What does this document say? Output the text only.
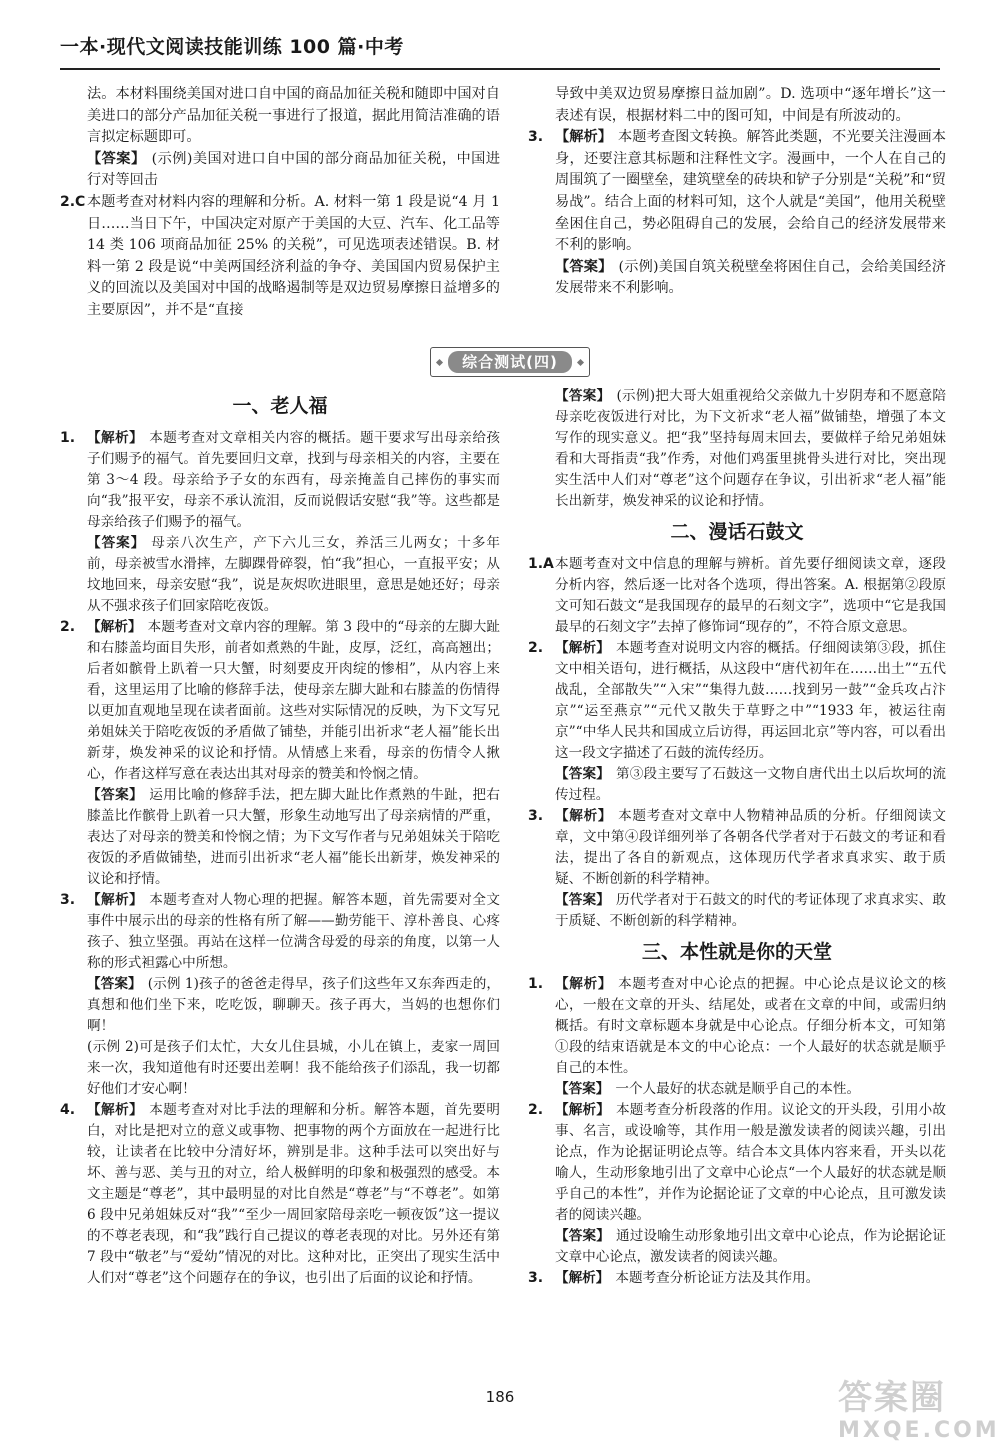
一本·现代文阅读技能训练 100 篇·中考

法。本材料围绕美国对进口自中国的商品加征关税和随即中国对自美进口的部分产品加征关税一事进行了报道，据此用简洁准确的语言拟定标题即可。

【答案】 (示例)美国对进口自中国的部分商品加征关税，中国进行对等回击

2.C 本题考查对材料内容的理解和分析。A. 材料一第 1 段是说“4 月 1 日……当日下午，中国决定对原产于美国的大豆、汽车、化工品等 14 类 106 项商品加征 25% 的关税”，可见选项表述错误。B. 材料一第 2 段是说“中美两国经济利益的争夺、美国国内贸易保护主义的回流以及美国对中国的战略遏制等是双边贸易摩擦日益增多的主要原因”，并不是“直接

导致中美双边贸易摩擦日益加剧”。D. 选项中“逐年增长”这一表述有误，根据材料二中的图可知，中间是有所波动的。

3. 【解析】 本题考查图文转换。解答此类题，不光要关注漫画本身，还要注意其标题和注释性文字。漫画中，一个人在自己的周围筑了一圈壁垒，建筑壁垒的砖块和铲子分别是“关税”和“贸易战”。结合上面的材料可知，这个人就是“美国”，他用关税壁垒困住自己，势必阻碍自己的发展，会给自己的经济发展带来不利的影响。

【答案】 (示例)美国自筑关税壁垒将困住自己，会给美国经济发展带来不利影响。

综合测试(四)
一、老人福

1. 【解析】 本题考查对文章相关内容的概括。题干要求写出母亲给孩子们赐予的福气。首先要回归文章，找到与母亲相关的内容，主要在第 3～4 段。母亲给予子女的东西有，母亲掩盖自己摔伤的事实而向“我”报平安，母亲不承认流泪，反而说假话安慰“我”等。这些都是母亲给孩子们赐予的福气。

【答案】 母亲八次生产，产下六儿三女，养活三儿两女；十多年前，母亲被雪水滑摔，左脚踝骨碎裂，怕“我”担心，一直报平安；从坟地回来，母亲安慰“我”，说是灰烬吹进眼里，意思是她还好；母亲从不强求孩子们回家陪吃夜饭。

2. 【解析】 本题考查对文章内容的理解。第 3 段中的“母亲的左脚大趾和右膝盖均面目失形，前者如煮熟的牛趾，皮厚，泛红，高高翘出；后者如髌骨上趴着一只大蟹，时刻要皮开肉绽的惨相”，从内容上来看，这里运用了比喻的修辞手法，使母亲左脚大趾和右膝盖的伤情得以更加直观地呈现在读者面前。这些对实际情况的反映，为下文写兄弟姐妹关于陪吃夜饭的矛盾做了铺垫，并能引出祈求“老人福”能长出新芽，焕发神采的议论和抒情。从情感上来看，母亲的伤情令人揪心，作者这样写意在表达出其对母亲的赞美和怜悯之情。

【答案】 运用比喻的修辞手法，把左脚大趾比作煮熟的牛趾，把右膝盖比作髌骨上趴着一只大蟹，形象生动地写出了母亲病情的严重，表达了对母亲的赞美和怜悯之情；为下文写作者与兄弟姐妹关于陪吃夜饭的矛盾做铺垫，进而引出祈求“老人福”能长出新芽，焕发神采的议论和抒情。

3. 【解析】 本题考查对人物心理的把握。解答本题，首先需要对全文事件中展示出的母亲的性格有所了解——勤劳能干、淳朴善良、心疼孩子、独立坚强。再站在这样一位满含母爱的母亲的角度，以第一人称的形式袒露心中所想。

【答案】 (示例 1)孩子的爸爸走得早，孩子们这些年又东奔西走的，真想和他们坐下来，吃吃饭，聊聊天。孩子再大，当妈的也想你们啊！

(示例 2)可是孩子们太忙，大女儿住县城，小儿在镇上，麦家一周回来一次，我知道他有时还要出差啊！我不能给孩子们添乱，我一切都好他们才安心啊！

4. 【解析】 本题考查对对比手法的理解和分析。解答本题，首先要明白，对比是把对立的意义或事物、把事物的两个方面放在一起进行比较，让读者在比较中分清好坏，辨别是非。这种手法可以突出好与坏、善与恶、美与丑的对立，给人极鲜明的印象和极强烈的感受。本文主题是“尊老”，其中最明显的对比自然是“尊老”与“不尊老”。如第 6 段中兄弟姐妹反对“我”“至少一周回家陪母亲吃一顿夜饭”这一提议的不尊老表现，和“我”践行自己提议的尊老表现的对比。另外还有第 7 段中“敬老”与“爱幼”情况的对比。这种对比，正突出了现实生活中人们对“尊老”这个问题存在的争议，也引出了后面的议论和抒情。

【答案】 (示例)把大哥大姐重视给父亲做九十岁阴寿和不愿意陪母亲吃夜饭进行对比，为下文祈求“老人福”做铺垫，增强了本文写作的现实意义。把“我”坚持每周末回去，要做样子给兄弟姐妹看和大哥指责“我”作秀，对他们鸡蛋里挑骨头进行对比，突出现实生活中人们对“尊老”这个问题存在争议，引出祈求“老人福”能长出新芽，焕发神采的议论和抒情。

二、漫话石鼓文

1.A 本题考查对文中信息的理解与辨析。首先要仔细阅读文章，逐段分析内容，然后逐一比对各个选项，得出答案。A. 根据第②段原文可知石鼓文“是我国现存的最早的石刻文字”，选项中“它是我国最早的石刻文字”去掉了修饰词“现存的”，不符合原文意思。

2. 【解析】 本题考查对说明文内容的概括。仔细阅读第③段，抓住文中相关语句，进行概括，从这段中“唐代初年在……出土”“五代战乱，全部散失”“入宋”“集得九鼓……找到另一鼓”“金兵攻占汴京”“运至燕京”“元代又散失于草野之中”“1933 年，被运往南京”“中华人民共和国成立后访得，再运回北京”等内容，可以看出这一段文字描述了石鼓的流传经历。

【答案】 第③段主要写了石鼓这一文物自唐代出土以后坎坷的流传过程。

3. 【解析】 本题考查对文章中人物精神品质的分析。仔细阅读文章，文中第④段详细列举了各朝各代学者对于石鼓文的考证和看法，提出了各自的新观点，这体现历代学者求真求实、敢于质疑、不断创新的科学精神。

【答案】 历代学者对于石鼓文的时代的考证体现了求真求实、敢于质疑、不断创新的科学精神。

三、本性就是你的天堂

1. 【解析】 本题考查对中心论点的把握。中心论点是议论文的核心，一般在文章的开头、结尾处，或者在文章的中间，或需归纳概括。有时文章标题本身就是中心论点。仔细分析本文，可知第①段的结束语就是本文的中心论点：一个人最好的状态就是顺乎自己的本性。

【答案】 一个人最好的状态就是顺乎自己的本性。

2. 【解析】 本题考查分析段落的作用。议论文的开头段，引用小故事、名言，或设喻等，其作用一般是激发读者的阅读兴趣，引出论点，作为论据证明论点等。结合本文具体内容来看，开头以花喻人，生动形象地引出了文章中心论点“一个人最好的状态就是顺乎自己的本性”，并作为论据论证了文章的中心论点，且可激发读者的阅读兴趣。

【答案】 通过设喻生动形象地引出文章中心论点，作为论据论证文章中心论点，激发读者的阅读兴趣。

3. 【解析】 本题考查分析论证方法及其作用。

186	答案圈
MXQE.COM
